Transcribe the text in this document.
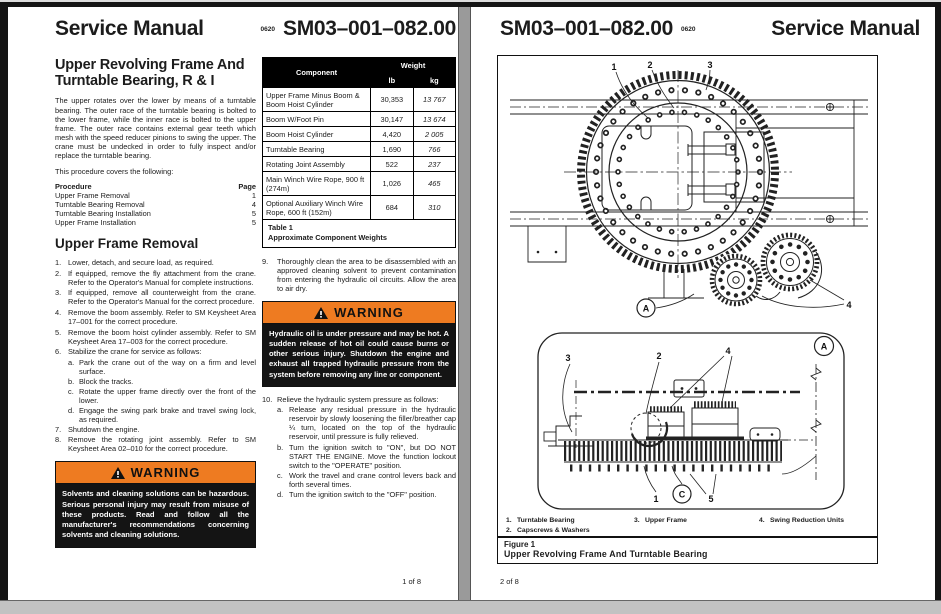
Service Manual	0620 SM03–001–082.00
Upper Revolving Frame And Turntable Bearing, R & I

The upper rotates over the lower by means of a turntable bearing. The outer race of the turntable bearing is bolted to the lower frame, while the inner race is bolted to the upper frame. The outer race contains external gear teeth which mesh with the speed reducer pinions to swing the upper. The crane must be undecked in order to fully inspect and/or replace the turntable bearing.

This procedure covers the following:

Procedure	Page
Upper Frame Removal	1
Turntable Bearing Removal	4
Turntable Bearing Installation	5
Upper Frame Installation	5
Upper Frame Removal
1. Lower, detach, and secure load, as required.
2. If equipped, remove the fly attachment from the crane. Refer to the Operator's Manual for complete instructions.
3. If equipped, remove all counterweight from the crane. Refer to the Operator's Manual for the correct procedure.
4. Remove the boom assembly. Refer to SM Keysheet Area 17–001 for the correct procedure.
5. Remove the boom hoist cylinder assembly. Refer to SM Keysheet Area 17–003 for the correct procedure.
6. Stabilize the crane for service as follows:
a. Park the crane out of the way on a firm and level surface.
b. Block the tracks.
c. Rotate the upper frame directly over the front of the lower.
d. Engage the swing park brake and travel swing lock, as required.
7. Shutdown the engine.
8. Remove the rotating joint assembly. Refer to SM Keysheet Area 02–010 for the correct procedure.
WARNING
Solvents and cleaning solutions can be hazardous. Serious personal injury may result from misuse of these products. Read and follow all the manufacturer's recommendations concerning solvents and cleaning solutions.
Component	Weight	
	lb	kg
Upper Frame Minus Boom & Boom Hoist Cylinder	30,353	13 767
Boom W/Foot Pin	30,147	13 674
Boom Hoist Cylinder	4,420	2 005
Turntable Bearing	1,690	766
Rotating Joint Assembly	522	237
Main Winch Wire Rope, 900 ft (274m)	1,026	465
Optional Auxiliary Winch Wire Rope, 600 ft (152m)	684	310
Table 1
Approximate Component Weights
9.	Thoroughly clean the area to be disassembled with an approved cleaning solvent to prevent contamination from entering the hydraulic oil circuits. Allow the area to air dry.
WARNING
Hydraulic oil is under pressure and may be hot. A sudden release of hot oil could cause burns or other serious injury. Shutdown the engine and exhaust all trapped hydraulic pressure from the system before removing any line or component.
10. Relieve the hydraulic system pressure as follows:
a. Release any residual pressure in the hydraulic reservoir by slowly loosening the filler/breather cap ¼ turn, located on the top of the hydraulic reservoir, until pressure is fully relieved.
b. Turn the ignition switch to "ON", but DO NOT START THE ENGINE. Move the function lockout switch to the "OPERATE" position.
c. Work the travel and crane control levers back and forth several times.
d. Turn the ignition switch to the "OFF" position.
1 of 8
SM03–001–082.00 0620	Service Manual
1	2	3
4
A
A
3	2	4
1 C	5
1. Turntable Bearing
2. Capscrews & Washers
3. Upper Frame	4. Swing Reduction Units
Figure 1
Upper Revolving Frame And Turntable Bearing
2 of 8
